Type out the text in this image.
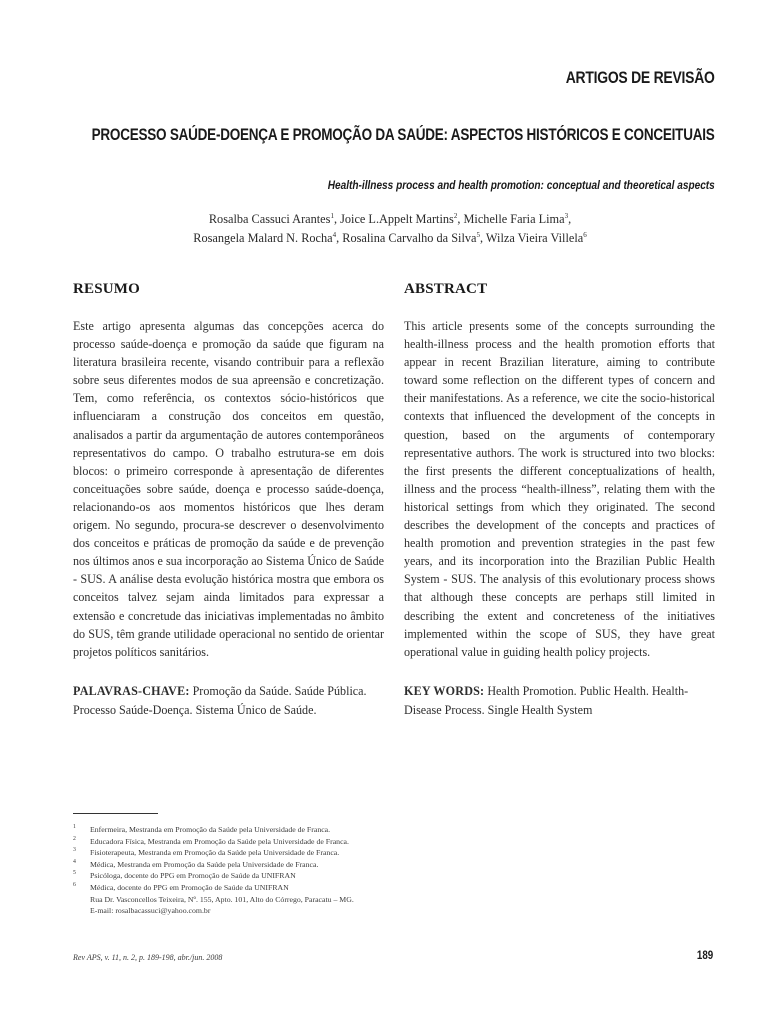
ARTIGOS DE REVISÃO
PROCESSO SAÚDE-DOENÇA E PROMOÇÃO DA SAÚDE: ASPECTOS HISTÓRICOS E CONCEITUAIS
Health-illness process and health promotion: conceptual and theoretical aspects
Rosalba Cassuci Arantes$^1$, Joice L.Appelt Martins$^2$, Michelle Faria Lima$^3$,
Rosangela Malard N. Rocha$^4$, Rosalina Carvalho da Silva$^5$, Wilza Vieira Villela$^6$
RESUMO	ABSTRACT
Este artigo apresenta algumas das concepções acerca do processo saúde-doença e promoção da saúde que figuram na literatura brasileira recente, visando contribuir para a reflexão sobre seus diferentes modos de sua apreensão e concretização. Tem, como referência, os contextos sócio-históricos que influenciaram a construção dos conceitos em questão, analisados a partir da argumentação de autores contemporâneos representativos do campo. O trabalho estrutura-se em dois blocos: o primeiro corresponde à apresentação de diferentes conceituações sobre saúde, doença e processo saúde-doença, relacionando-os aos momentos históricos que lhes deram origem. No segundo, procura-se descrever o desenvolvimento dos conceitos e práticas de promoção da saúde e de prevenção nos últimos anos e sua incorporação ao Sistema Único de Saúde - SUS. A análise desta evolução histórica mostra que embora os conceitos talvez sejam ainda limitados para expressar a extensão e concretude das iniciativas implementadas no âmbito do SUS, têm grande utilidade operacional no sentido de orientar projetos políticos sanitários.
This article presents some of the concepts surrounding the health-illness process and the health promotion efforts that appear in recent Brazilian literature, aiming to contribute toward some reflection on the different types of concern and their manifestations. As a reference, we cite the socio-historical contexts that influenced the development of the concepts in question, based on the arguments of contemporary representative authors. The work is structured into two blocks: the first presents the different conceptualizations of health, illness and the process “health-illness”, relating them with the historical settings from which they originated. The second describes the development of the concepts and practices of health promotion and prevention strategies in the past few years, and its incorporation into the Brazilian Public Health System - SUS. The analysis of this evolutionary process shows that although these concepts are perhaps still limited in describing the extent and concreteness of the initiatives implemented within the scope of SUS, they have great operational value in guiding health policy projects.
PALAVRAS-CHAVE: Promoção da Saúde. Saúde Pública. Processo Saúde-Doença. Sistema Único de Saúde.
KEY WORDS: Health Promotion. Public Health. Health-Disease Process. Single Health System
1 Enfermeira, Mestranda em Promoção da Saúde pela Universidade de Franca.
2 Educadora Física, Mestranda em Promoção da Saúde pela Universidade de Franca.
3 Fisioterapeuta, Mestranda em Promoção da Saúde pela Universidade de Franca.
4 Médica, Mestranda em Promoção da Saúde pela Universidade de Franca.
5 Psicóloga, docente do PPG em Promoção de Saúde da UNIFRAN
6 Médica, docente do PPG em Promoção de Saúde da UNIFRAN
Rua Dr. Vasconcellos Teixeira, Nº. 155, Apto. 101, Alto do Córrego, Paracatu – MG.
E-mail: rosalbacassuci@yahoo.com.br
Rev APS, v. 11, n. 2, p. 189-198, abr./jun. 2008	189
